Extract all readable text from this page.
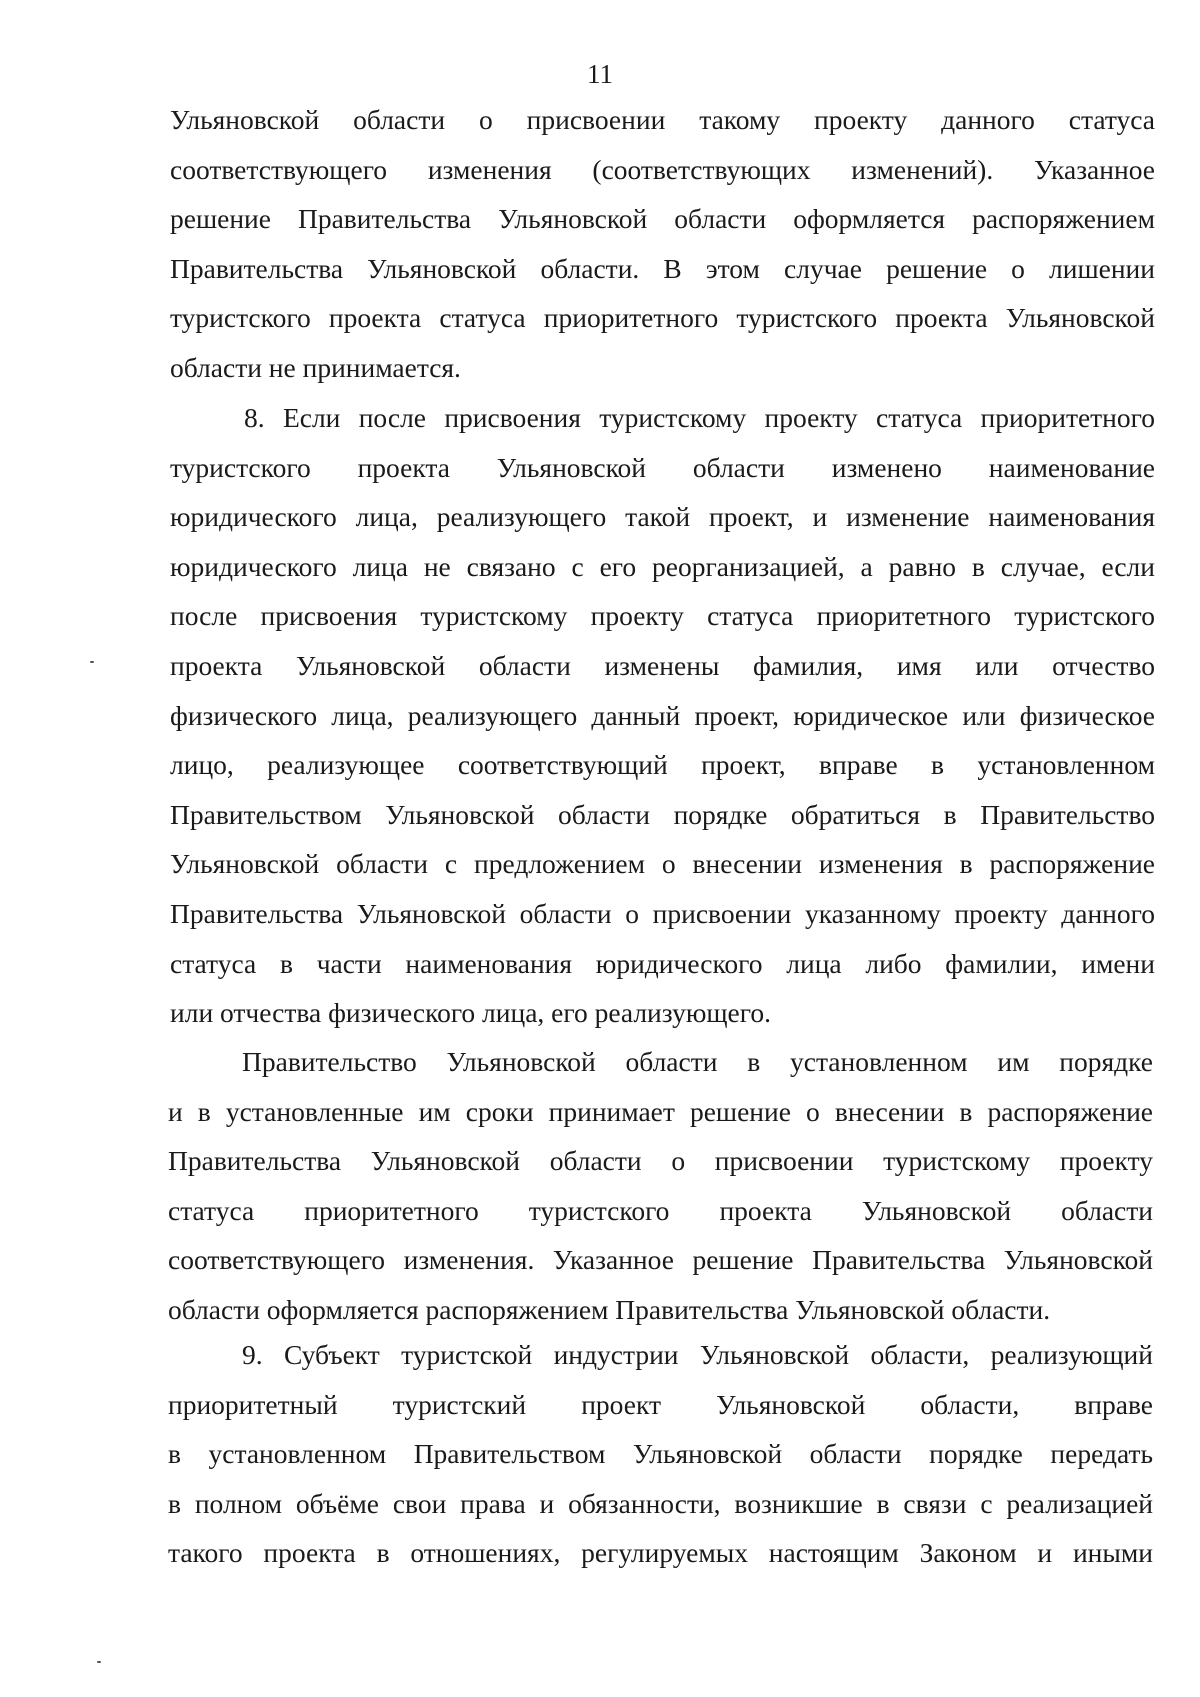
11
Ульяновской области о присвоении такому проекту данного статуса
соответствующего изменения (соответствующих изменений). Указанное
решение Правительства Ульяновской области оформляется распоряжением
Правительства Ульяновской области. В этом случае решение о лишении
туристского проекта статуса приоритетного туристского проекта Ульяновской
области не принимается.
8. Если после присвоения туристскому проекту статуса приоритетного
туристского проекта Ульяновской области изменено наименование
юридического лица, реализующего такой проект, и изменение наименования
юридического лица не связано с его реорганизацией, а равно в случае, если
после присвоения туристскому проекту статуса приоритетного туристского
проекта Ульяновской области изменены фамилия, имя или отчество
физического лица, реализующего данный проект, юридическое или физическое
лицо, реализующее соответствующий проект, вправе в установленном
Правительством Ульяновской области порядке обратиться в Правительство
Ульяновской области с предложением о внесении изменения в распоряжение
Правительства Ульяновской области о присвоении указанному проекту данного
статуса в части наименования юридического лица либо фамилии, имени
или отчества физического лица, его реализующего.
Правительство Ульяновской области в установленном им порядке
и в установленные им сроки принимает решение о внесении в распоряжение
Правительства Ульяновской области о присвоении туристскому проекту
статуса приоритетного туристского проекта Ульяновской области
соответствующего изменения. Указанное решение Правительства Ульяновской
области оформляется распоряжением Правительства Ульяновской области.
9. Субъект туристской индустрии Ульяновской области, реализующий
приоритетный туристский проект Ульяновской области, вправе
в установленном Правительством Ульяновской области порядке передать
в полном объёме свои права и обязанности, возникшие в связи с реализацией
такого проекта в отношениях, регулируемых настоящим Законом и иными
